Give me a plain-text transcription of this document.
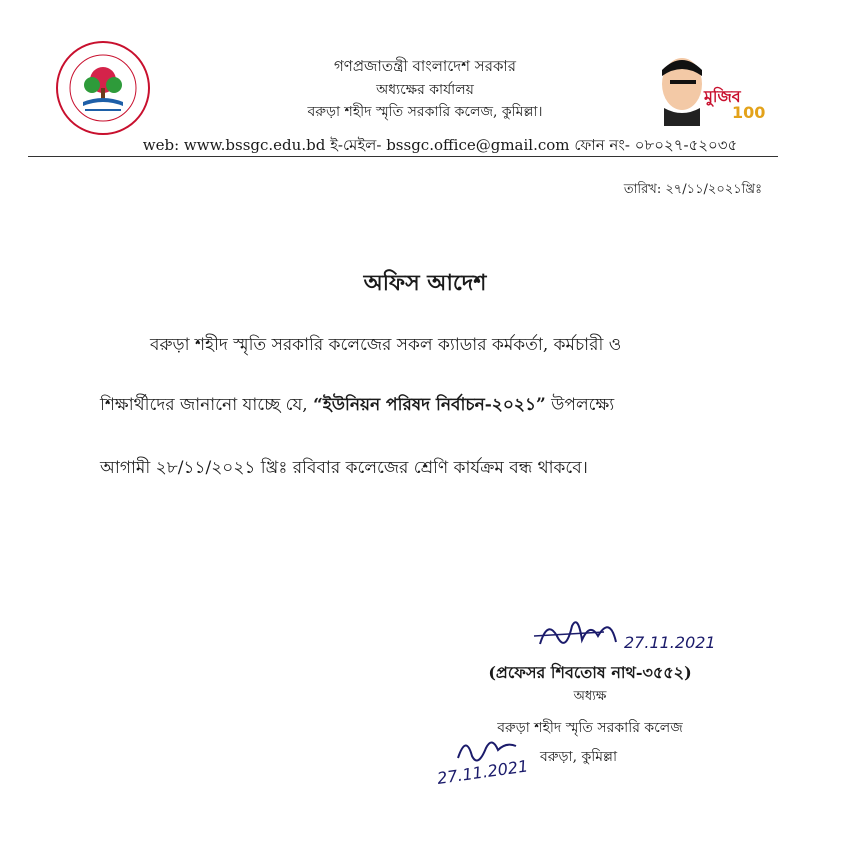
মুজিব
100
গণপ্রজাতন্ত্রী বাংলাদেশ সরকার
অধ্যক্ষের কার্যালয়
বরুড়া শহীদ স্মৃতি সরকারি কলেজ, কুমিল্লা।
web: www.bssgc.edu.bd ই-মেইল- bssgc.office@gmail.com ফোন নং- ০৮০২৭-৫২০৩৫
তারিখ: ২৭/১১/২০২১খ্রিঃ
অফিস আদেশ
বরুড়া শহীদ স্মৃতি সরকারি কলেজের সকল ক্যাডার কর্মকর্তা, কর্মচারী ও
শিক্ষার্থীদের জানানো যাচ্ছে যে, “ইউনিয়ন পরিষদ নির্বাচন-২০২১” উপলক্ষ্যে
আগামী ২৮/১১/২০২১ খ্রিঃ রবিবার কলেজের শ্রেণি কার্যক্রম বন্ধ থাকবে।
27.11.2021
(প্রফেসর শিবতোষ নাথ-৩৫৫২)
অধ্যক্ষ
বরুড়া শহীদ স্মৃতি সরকারি কলেজ
বরুড়া, কুমিল্লা
27.11.2021
